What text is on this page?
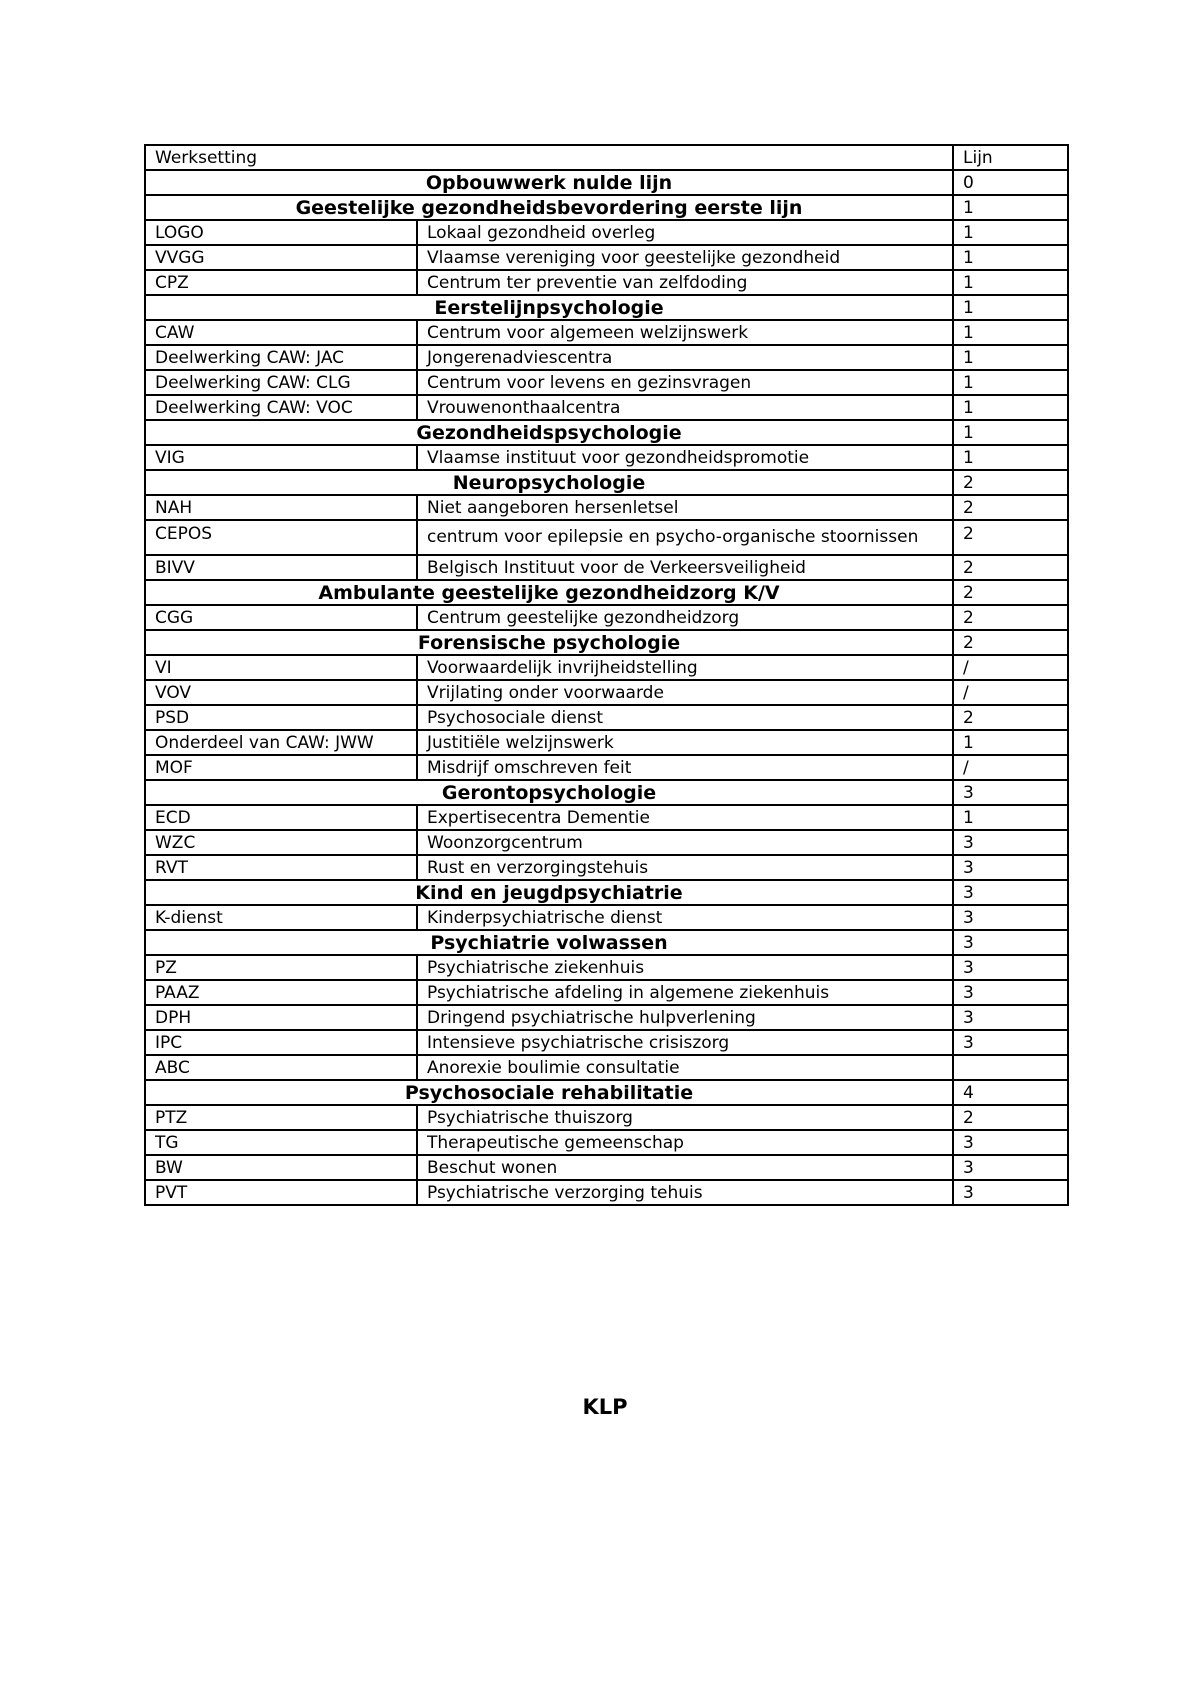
Werksetting		Lijn
Opbouwwerk nulde lijn		0
Geestelijke gezondheidsbevordering eerste lijn		1
LOGO	Lokaal gezondheid overleg	1
VVGG	Vlaamse vereniging voor geestelijke gezondheid	1
CPZ	Centrum ter preventie van zelfdoding	1
Eerstelijnpsychologie		1
CAW	Centrum voor algemeen welzijnswerk	1
Deelwerking CAW: JAC	Jongerenadviescentra	1
Deelwerking CAW: CLG	Centrum voor levens en gezinsvragen	1
Deelwerking CAW: VOC	Vrouwenonthaalcentra	1
Gezondheidspsychologie		1
VIG	Vlaamse instituut voor gezondheidspromotie	1
Neuropsychologie		2
NAH	Niet aangeboren hersenletsel	2
CEPOS	centrum voor epilepsie en psycho-organische stoornissen	2
BIVV	Belgisch Instituut voor de Verkeersveiligheid	2
Ambulante geestelijke gezondheidzorg K/V		2
CGG	Centrum geestelijke gezondheidzorg	2
Forensische psychologie		2
VI	Voorwaardelijk invrijheidstelling	/
VOV	Vrijlating onder voorwaarde	/
PSD	Psychosociale dienst	2
Onderdeel van CAW: JWW	Justitiële welzijnswerk	1
MOF	Misdrijf omschreven feit	/
Gerontopsychologie		3
ECD	Expertisecentra Dementie	1
WZC	Woonzorgcentrum	3
RVT	Rust en verzorgingstehuis	3
Kind en jeugdpsychiatrie		3
K-dienst	Kinderpsychiatrische dienst	3
Psychiatrie volwassen		3
PZ	Psychiatrische ziekenhuis	3
PAAZ	Psychiatrische afdeling in algemene ziekenhuis	3
DPH	Dringend psychiatrische hulpverlening	3
IPC	Intensieve psychiatrische crisiszorg	3
ABC	Anorexie boulimie consultatie	
Psychosociale rehabilitatie		4
PTZ	Psychiatrische thuiszorg	2
TG	Therapeutische gemeenschap	3
BW	Beschut wonen	3
PVT	Psychiatrische verzorging tehuis	3
KLP
